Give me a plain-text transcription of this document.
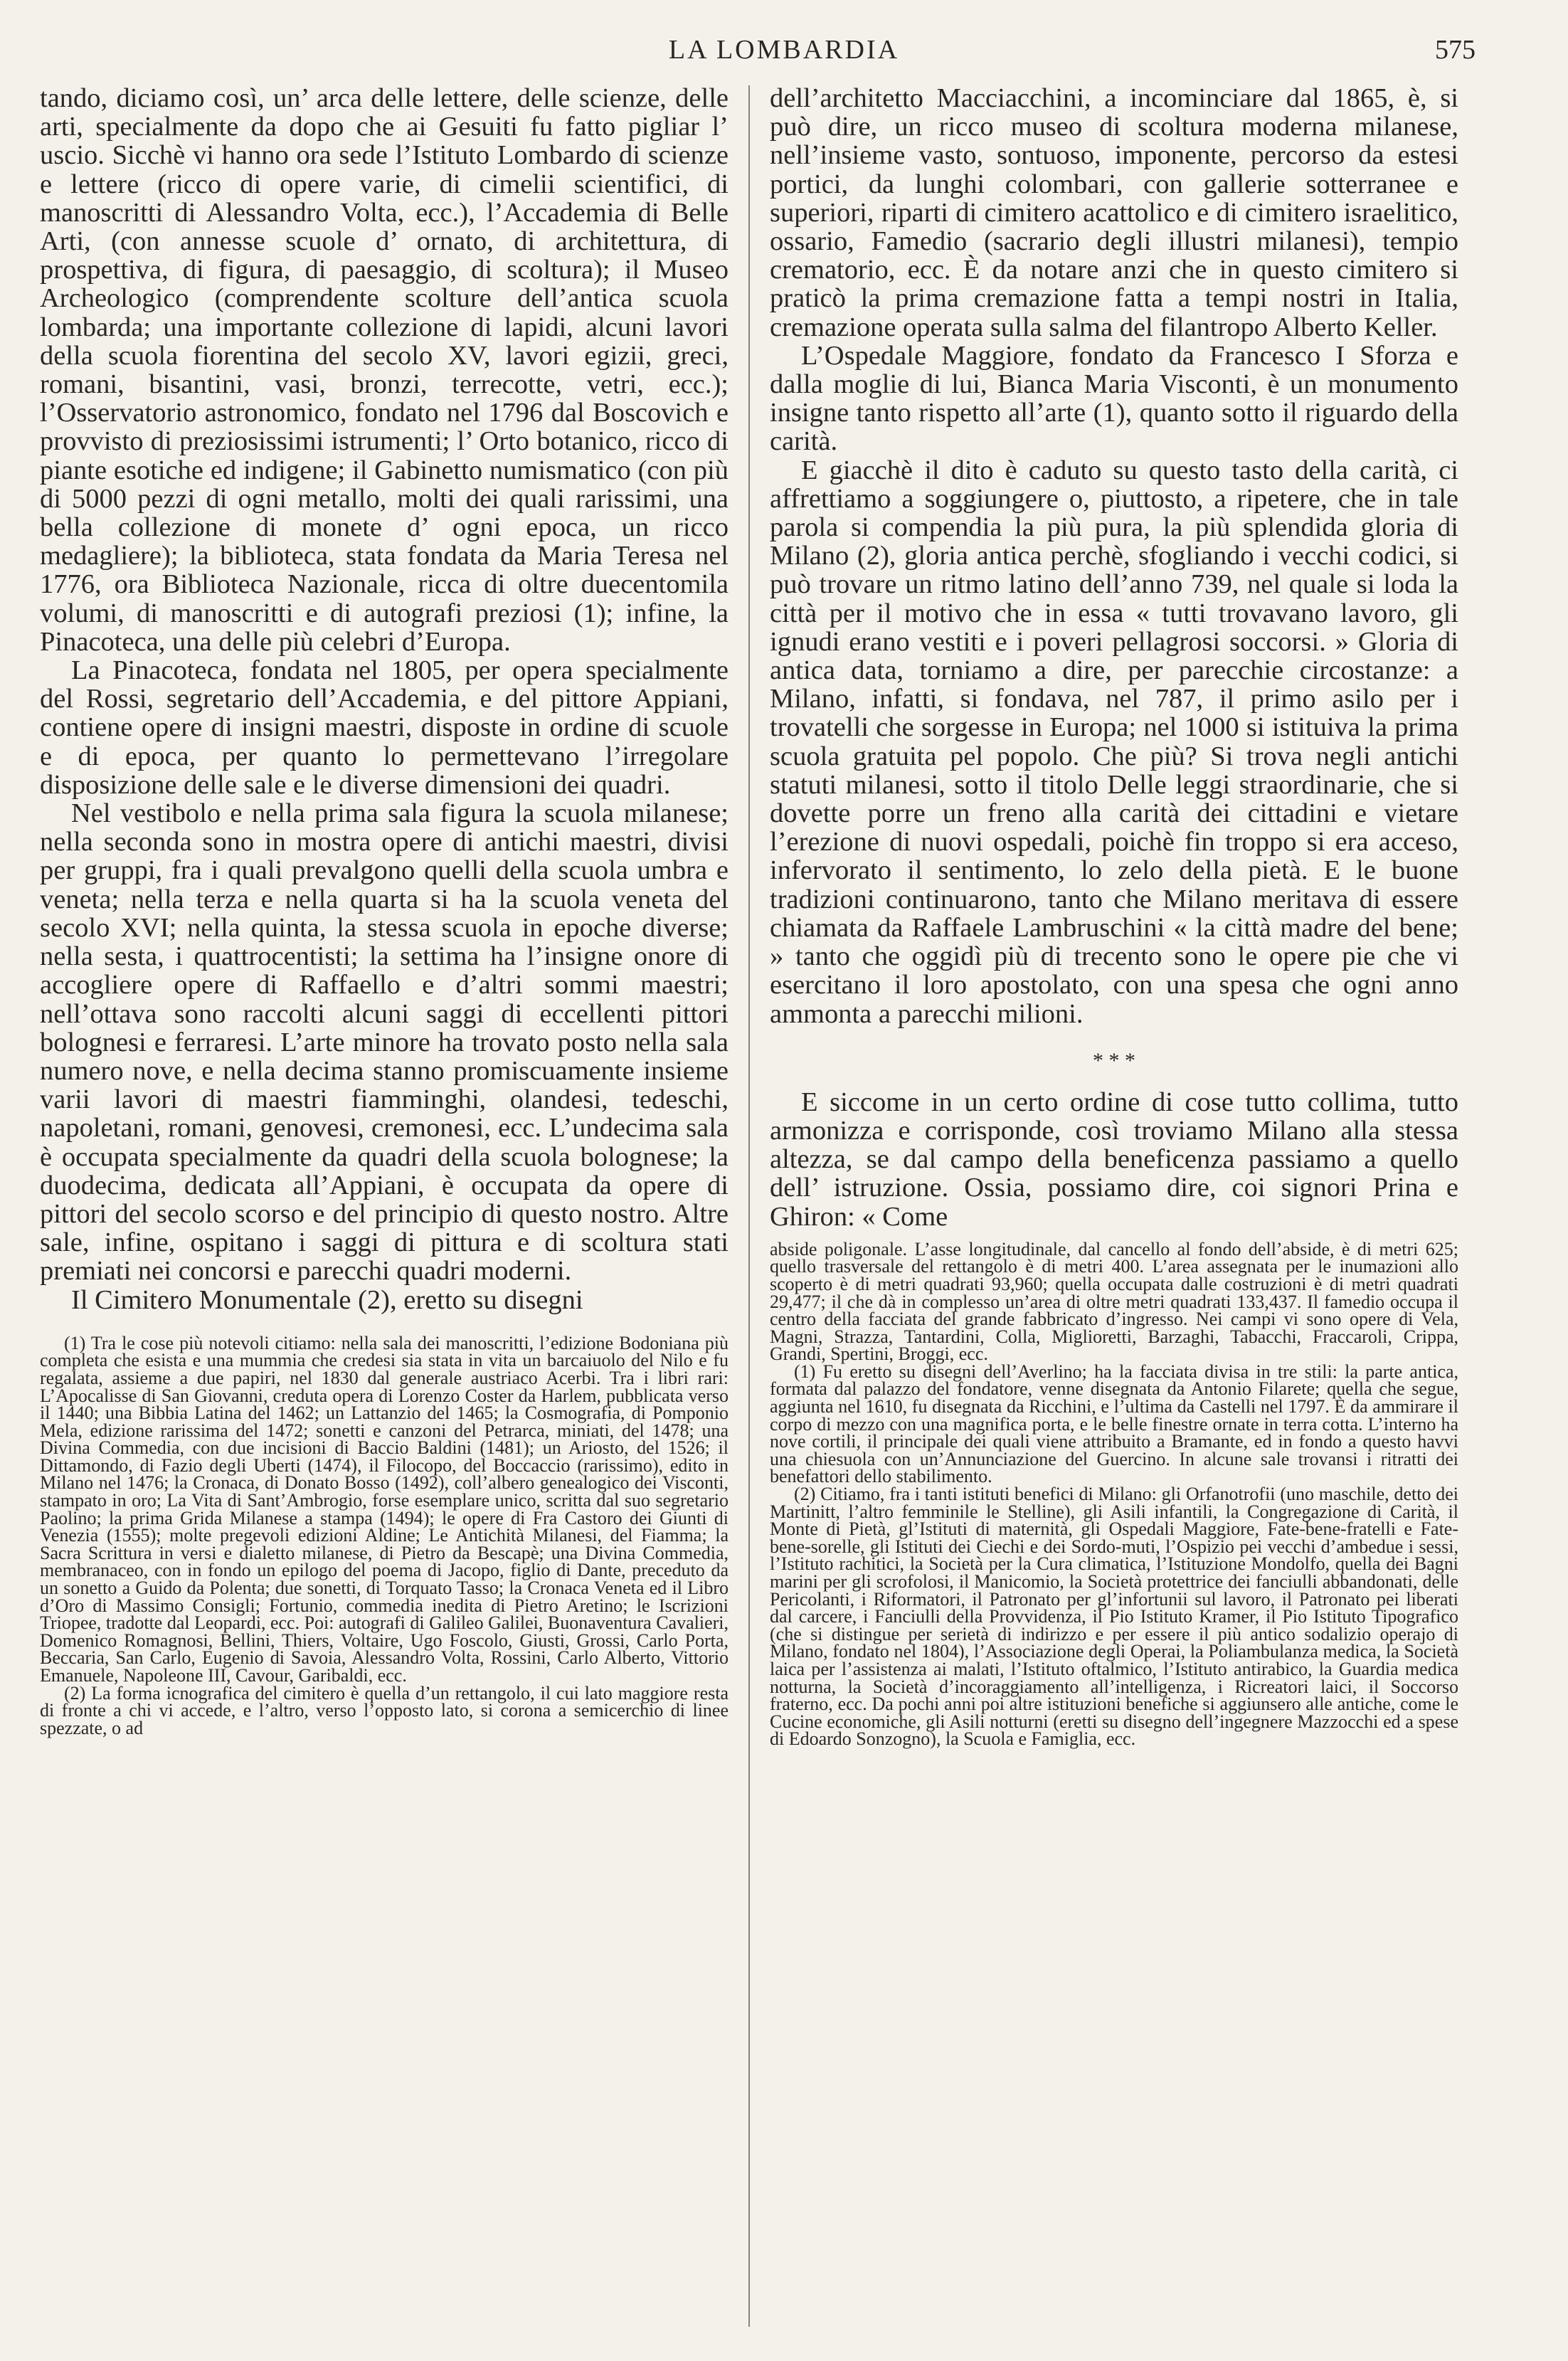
LA LOMBARDIA	575

tando, diciamo così, un’ arca delle lettere, delle scienze, delle arti, specialmente da dopo che ai Gesuiti fu fatto pigliar l’ uscio. Sicchè vi hanno ora sede l’Istituto Lombardo di scienze e lettere (ricco di opere varie, di cimelii scientifici, di manoscritti di Alessandro Volta, ecc.), l’Accademia di Belle Arti, (con annesse scuole d’ ornato, di architettura, di prospettiva, di figura, di paesaggio, di scoltura); il Museo Archeologico (comprendente scolture dell’antica scuola lombarda; una importante collezione di lapidi, alcuni lavori della scuola fiorentina del secolo XV, lavori egizii, greci, romani, bisantini, vasi, bronzi, terrecotte, vetri, ecc.); l’Osservatorio astronomico, fondato nel 1796 dal Boscovich e provvisto di preziosissimi istrumenti; l’ Orto botanico, ricco di piante esotiche ed indigene; il Gabinetto numismatico (con più di 5000 pezzi di ogni metallo, molti dei quali rarissimi, una bella collezione di monete d’ ogni epoca, un ricco medagliere); la biblioteca, stata fondata da Maria Teresa nel 1776, ora Biblioteca Nazionale, ricca di oltre duecentomila volumi, di manoscritti e di autografi preziosi (1); infine, la Pinacoteca, una delle più celebri d’Europa.

La Pinacoteca, fondata nel 1805, per opera specialmente del Rossi, segretario dell’Accademia, e del pittore Appiani, contiene opere di insigni maestri, disposte in ordine di scuole e di epoca, per quanto lo permettevano l’irregolare disposizione delle sale e le diverse dimensioni dei quadri.

Nel vestibolo e nella prima sala figura la scuola milanese; nella seconda sono in mostra opere di antichi maestri, divisi per gruppi, fra i quali prevalgono quelli della scuola umbra e veneta; nella terza e nella quarta si ha la scuola veneta del secolo XVI; nella quinta, la stessa scuola in epoche diverse; nella sesta, i quattrocentisti; la settima ha l’insigne onore di accogliere opere di Raffaello e d’altri sommi maestri; nell’ottava sono raccolti alcuni saggi di eccellenti pittori bolognesi e ferraresi. L’arte minore ha trovato posto nella sala numero nove, e nella decima stanno promiscuamente insieme varii lavori di maestri fiamminghi, olandesi, tedeschi, napoletani, romani, genovesi, cremonesi, ecc. L’undecima sala è occupata specialmente da quadri della scuola bolognese; la duodecima, dedicata all’Appiani, è occupata da opere di pittori del secolo scorso e del principio di questo nostro. Altre sale, infine, ospitano i saggi di pittura e di scoltura stati premiati nei concorsi e parecchi quadri moderni.

Il Cimitero Monumentale (2), eretto su disegni

(1) Tra le cose più notevoli citiamo: nella sala dei manoscritti, l’edizione Bodoniana più completa che esista e una mummia che credesi sia stata in vita un barcaiuolo del Nilo e fu regalata, assieme a due papiri, nel 1830 dal generale austriaco Acerbi. Tra i libri rari: L’Apocalisse di San Giovanni, creduta opera di Lorenzo Coster da Harlem, pubblicata verso il 1440; una Bibbia Latina del 1462; un Lattanzio del 1465; la Cosmografia, di Pomponio Mela, edizione rarissima del 1472; sonetti e canzoni del Petrarca, miniati, del 1478; una Divina Commedia, con due incisioni di Baccio Baldini (1481); un Ariosto, del 1526; il Dittamondo, di Fazio degli Uberti (1474), il Filocopo, del Boccaccio (rarissimo), edito in Milano nel 1476; la Cronaca, di Donato Bosso (1492), coll’albero genealogico dei Visconti, stampato in oro; La Vita di Sant’Ambrogio, forse esemplare unico, scritta dal suo segretario Paolino; la prima Grida Milanese a stampa (1494); le opere di Fra Castoro dei Giunti di Venezia (1555); molte pregevoli edizioni Aldine; Le Antichità Milanesi, del Fiamma; la Sacra Scrittura in versi e dialetto milanese, di Pietro da Bescapè; una Divina Commedia, membranaceo, con in fondo un epilogo del poema di Jacopo, figlio di Dante, preceduto da un sonetto a Guido da Polenta; due sonetti, di Torquato Tasso; la Cronaca Veneta ed il Libro d’Oro di Massimo Consigli; Fortunio, commedia inedita di Pietro Aretino; le Iscrizioni Triopee, tradotte dal Leopardi, ecc. Poi: autografi di Galileo Galilei, Buonaventura Cavalieri, Domenico Romagnosi, Bellini, Thiers, Voltaire, Ugo Foscolo, Giusti, Grossi, Carlo Porta, Beccaria, San Carlo, Eugenio di Savoia, Alessandro Volta, Rossini, Carlo Alberto, Vittorio Emanuele, Napoleone III, Cavour, Garibaldi, ecc.

(2) La forma icnografica del cimitero è quella d’un rettangolo, il cui lato maggiore resta di fronte a chi vi accede, e l’altro, verso l’opposto lato, si corona a semicerchio di linee spezzate, o ad

dell’architetto Macciacchini, a incominciare dal 1865, è, si può dire, un ricco museo di scoltura moderna milanese, nell’insieme vasto, sontuoso, imponente, percorso da estesi portici, da lunghi colombari, con gallerie sotterranee e superiori, riparti di cimitero acattolico e di cimitero israelitico, ossario, Famedio (sacrario degli illustri milanesi), tempio crematorio, ecc. È da notare anzi che in questo cimitero si praticò la prima cremazione fatta a tempi nostri in Italia, cremazione operata sulla salma del filantropo Alberto Keller.

L’Ospedale Maggiore, fondato da Francesco I Sforza e dalla moglie di lui, Bianca Maria Visconti, è un monumento insigne tanto rispetto all’arte (1), quanto sotto il riguardo della carità.

E giacchè il dito è caduto su questo tasto della carità, ci affrettiamo a soggiungere o, piuttosto, a ripetere, che in tale parola si compendia la più pura, la più splendida gloria di Milano (2), gloria antica perchè, sfogliando i vecchi codici, si può trovare un ritmo latino dell’anno 739, nel quale si loda la città per il motivo che in essa « tutti trovavano lavoro, gli ignudi erano vestiti e i poveri pellagrosi soccorsi. » Gloria di antica data, torniamo a dire, per parecchie circostanze: a Milano, infatti, si fondava, nel 787, il primo asilo per i trovatelli che sorgesse in Europa; nel 1000 si istituiva la prima scuola gratuita pel popolo. Che più? Si trova negli antichi statuti milanesi, sotto il titolo Delle leggi straordinarie, che si dovette porre un freno alla carità dei cittadini e vietare l’erezione di nuovi ospedali, poichè fin troppo si era acceso, infervorato il sentimento, lo zelo della pietà. E le buone tradizioni continuarono, tanto che Milano meritava di essere chiamata da Raffaele Lambruschini « la città madre del bene; » tanto che oggidì più di trecento sono le opere pie che vi esercitano il loro apostolato, con una spesa che ogni anno ammonta a parecchi milioni.

* * *

E siccome in un certo ordine di cose tutto collima, tutto armonizza e corrisponde, così troviamo Milano alla stessa altezza, se dal campo della beneficenza passiamo a quello dell’ istruzione. Ossia, possiamo dire, coi signori Prina e Ghiron: « Come

abside poligonale. L’asse longitudinale, dal cancello al fondo dell’abside, è di metri 625; quello trasversale del rettangolo è di metri 400. L’area assegnata per le inumazioni allo scoperto è di metri quadrati 93,960; quella occupata dalle costruzioni è di metri quadrati 29,477; il che dà in complesso un’area di oltre metri quadrati 133,437. Il famedio occupa il centro della facciata del grande fabbricato d’ingresso. Nei campi vi sono opere di Vela, Magni, Strazza, Tantardini, Colla, Miglioretti, Barzaghi, Tabacchi, Fraccaroli, Crippa, Grandi, Spertini, Broggi, ecc.

(1) Fu eretto su disegni dell’Averlino; ha la facciata divisa in tre stili: la parte antica, formata dal palazzo del fondatore, venne disegnata da Antonio Filarete; quella che segue, aggiunta nel 1610, fu disegnata da Ricchini, e l’ultima da Castelli nel 1797. È da ammirare il corpo di mezzo con una magnifica porta, e le belle finestre ornate in terra cotta. L’interno ha nove cortili, il principale dei quali viene attribuito a Bramante, ed in fondo a questo havvi una chiesuola con un’Annunciazione del Guercino. In alcune sale trovansi i ritratti dei benefattori dello stabilimento.

(2) Citiamo, fra i tanti istituti benefici di Milano: gli Orfanotrofii (uno maschile, detto dei Martinitt, l’altro femminile le Stelline), gli Asili infantili, la Congregazione di Carità, il Monte di Pietà, gl’Istituti di maternità, gli Ospedali Maggiore, Fate-bene-fratelli e Fate-bene-sorelle, gli Istituti dei Ciechi e dei Sordo-muti, l’Ospizio pei vecchi d’ambedue i sessi, l’Istituto rachitici, la Società per la Cura climatica, l’Istituzione Mondolfo, quella dei Bagni marini per gli scrofolosi, il Manicomio, la Società protettrice dei fanciulli abbandonati, delle Pericolanti, i Riformatori, il Patronato per gl’infortunii sul lavoro, il Patronato pei liberati dal carcere, i Fanciulli della Provvidenza, il Pio Istituto Kramer, il Pio Istituto Tipografico (che si distingue per serietà di indirizzo e per essere il più antico sodalizio operajo di Milano, fondato nel 1804), l’Associazione degli Operai, la Poliambulanza medica, la Società laica per l’assistenza ai malati, l’Istituto oftalmico, l’Istituto antirabico, la Guardia medica notturna, la Società d’incoraggiamento all’intelligenza, i Ricreatori laici, il Soccorso fraterno, ecc. Da pochi anni poi altre istituzioni benefiche si aggiunsero alle antiche, come le Cucine economiche, gli Asili notturni (eretti su disegno dell’ingegnere Mazzocchi ed a spese di Edoardo Sonzogno), la Scuola e Famiglia, ecc.
